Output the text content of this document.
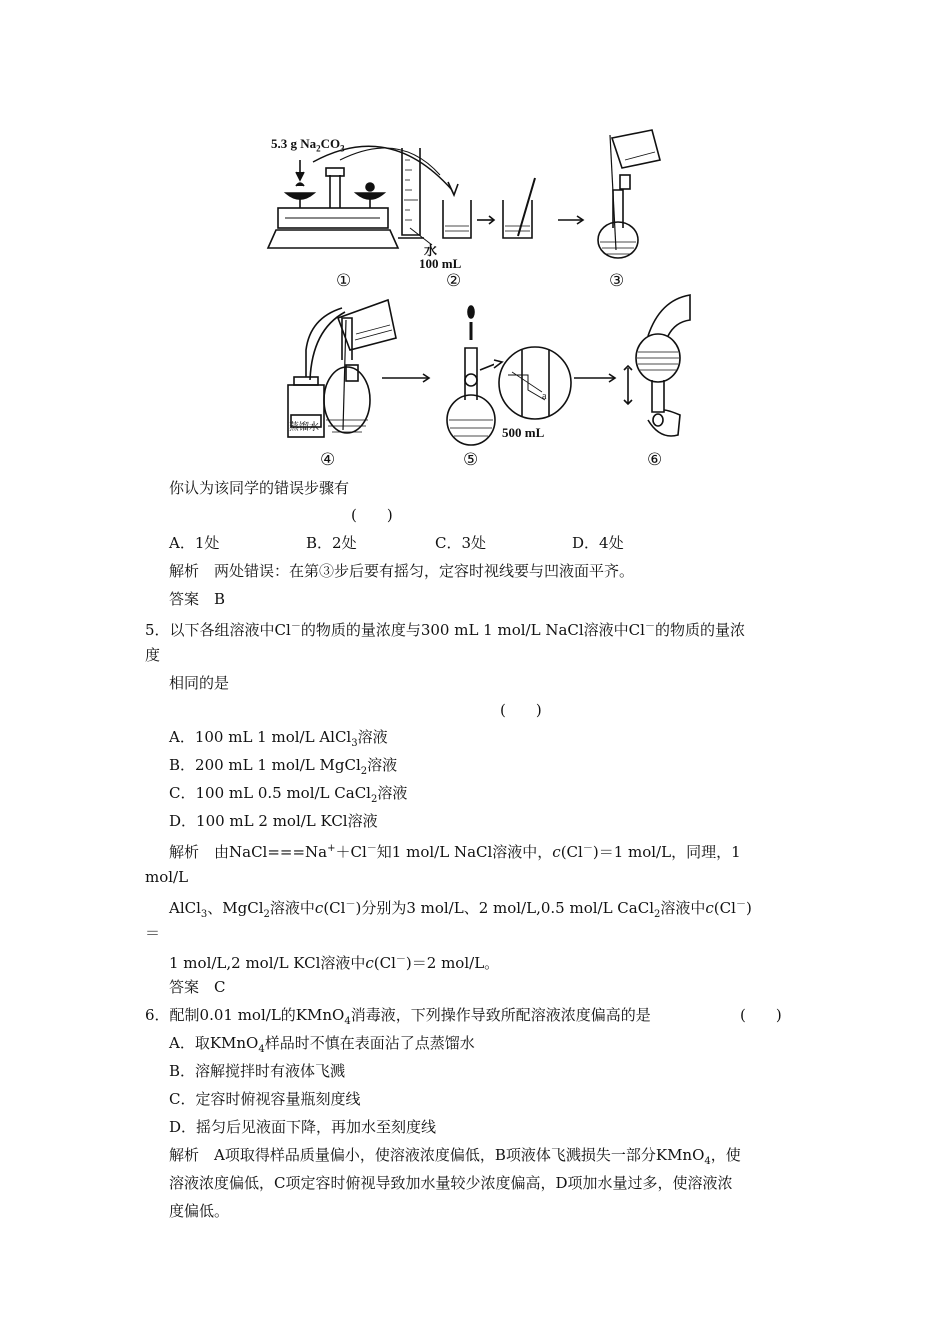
5.3 g $Na_2CO_3$
水
100 mL
蒸馏水	500 mL
a
①	②	③
④	⑤	⑥
你认为该同学的错误步骤有
(　　)
A．1处	B．2处	C．3处	D．4处
解析　两处错误：在第③步后要有摇匀，定容时视线要与凹液面平齐。
答案　B
5．以下各组溶液中Cl－的物质的量浓度与300 mL 1 mol/L NaCl溶液中Cl－的物质的量浓
度
相同的是
(　　)
A．100 mL 1 mol/L AlCl$_3$溶液
B．200 mL 1 mol/L MgCl$_2$溶液
C．100 mL 0.5 mol/L CaCl$_2$溶液
D．100 mL 2 mol/L KCl溶液
解析　由NaCl===Na+＋Cl－知1 mol/L NaCl溶液中，c(Cl－)＝1 mol/L，同理，1
mol/L
AlCl$_3$、MgCl$_2$溶液中c(Cl－)分别为3 mol/L、2 mol/L,0.5 mol/L CaCl$_2$溶液中c(Cl－)
＝
1 mol/L,2 mol/L KCl溶液中c(Cl－)＝2 mol/L。
答案　C
6．配制0.01 mol/L的KMnO$_4$消毒液，下列操作导致所配溶液浓度偏高的是	(　　)
A．取KMnO$_4$样品时不慎在表面沾了点蒸馏水
B．溶解搅拌时有液体飞溅
C．定容时俯视容量瓶刻度线
D．摇匀后见液面下降，再加水至刻度线
解析　A项取得样品质量偏小，使溶液浓度偏低，B项液体飞溅损失一部分KMnO$_4$，使
溶液浓度偏低，C项定容时俯视导致加水量较少浓度偏高，D项加水量过多，使溶液浓
度偏低。
